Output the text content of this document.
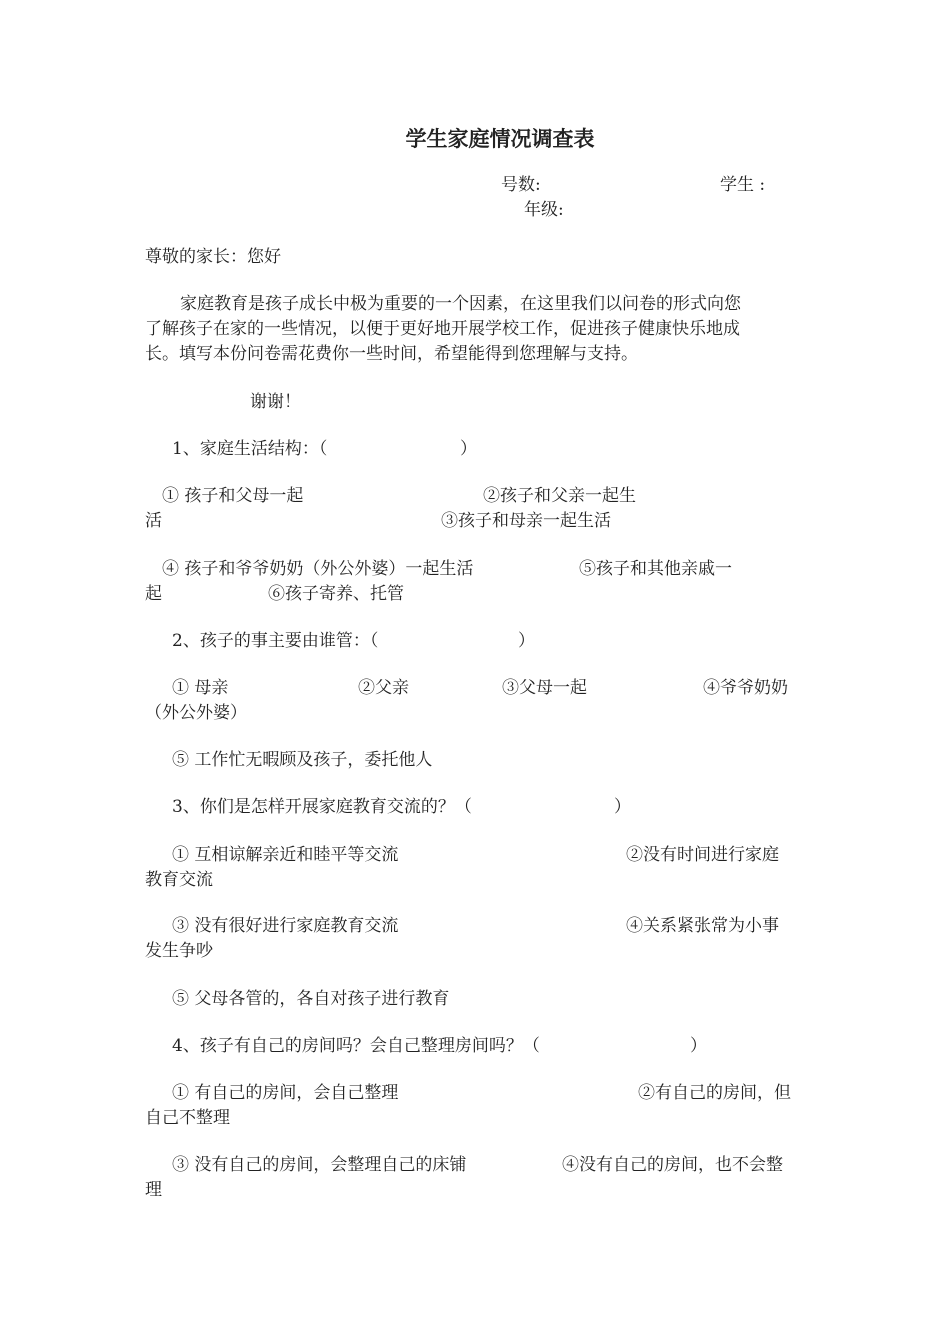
学生家庭情况调查表
号数:	学生 :
年级:
尊敬的家长：您好
家庭教育是孩子成长中极为重要的一个因素，在这里我们以问卷的形式向您
了解孩子在家的一些情况，以便于更好地开展学校工作，促进孩子健康快乐地成
长。填写本份问卷需花费你一些时间，希望能得到您理解与支持。
谢谢！
1、家庭生活结构：（	）
① 孩子和父母一起	②孩子和父亲一起生
活	③孩子和母亲一起生活
④ 孩子和爷爷奶奶（外公外婆）一起生活	⑤孩子和其他亲戚一
起	⑥孩子寄养、托管
2、孩子的事主要由谁管：（	）
① 母亲	②父亲	③父母一起	④爷爷奶奶
（外公外婆）
⑤ 工作忙无暇顾及孩子，委托他人
3、你们是怎样开展家庭教育交流的？（	）
① 互相谅解亲近和睦平等交流	②没有时间进行家庭
教育交流
③ 没有很好进行家庭教育交流	④关系紧张常为小事
发生争吵
⑤ 父母各管的，各自对孩子进行教育
4、孩子有自己的房间吗？会自己整理房间吗？（	）
① 有自己的房间，会自己整理	②有自己的房间，但
自己不整理
③ 没有自己的房间，会整理自己的床铺	④没有自己的房间，也不会整
理
